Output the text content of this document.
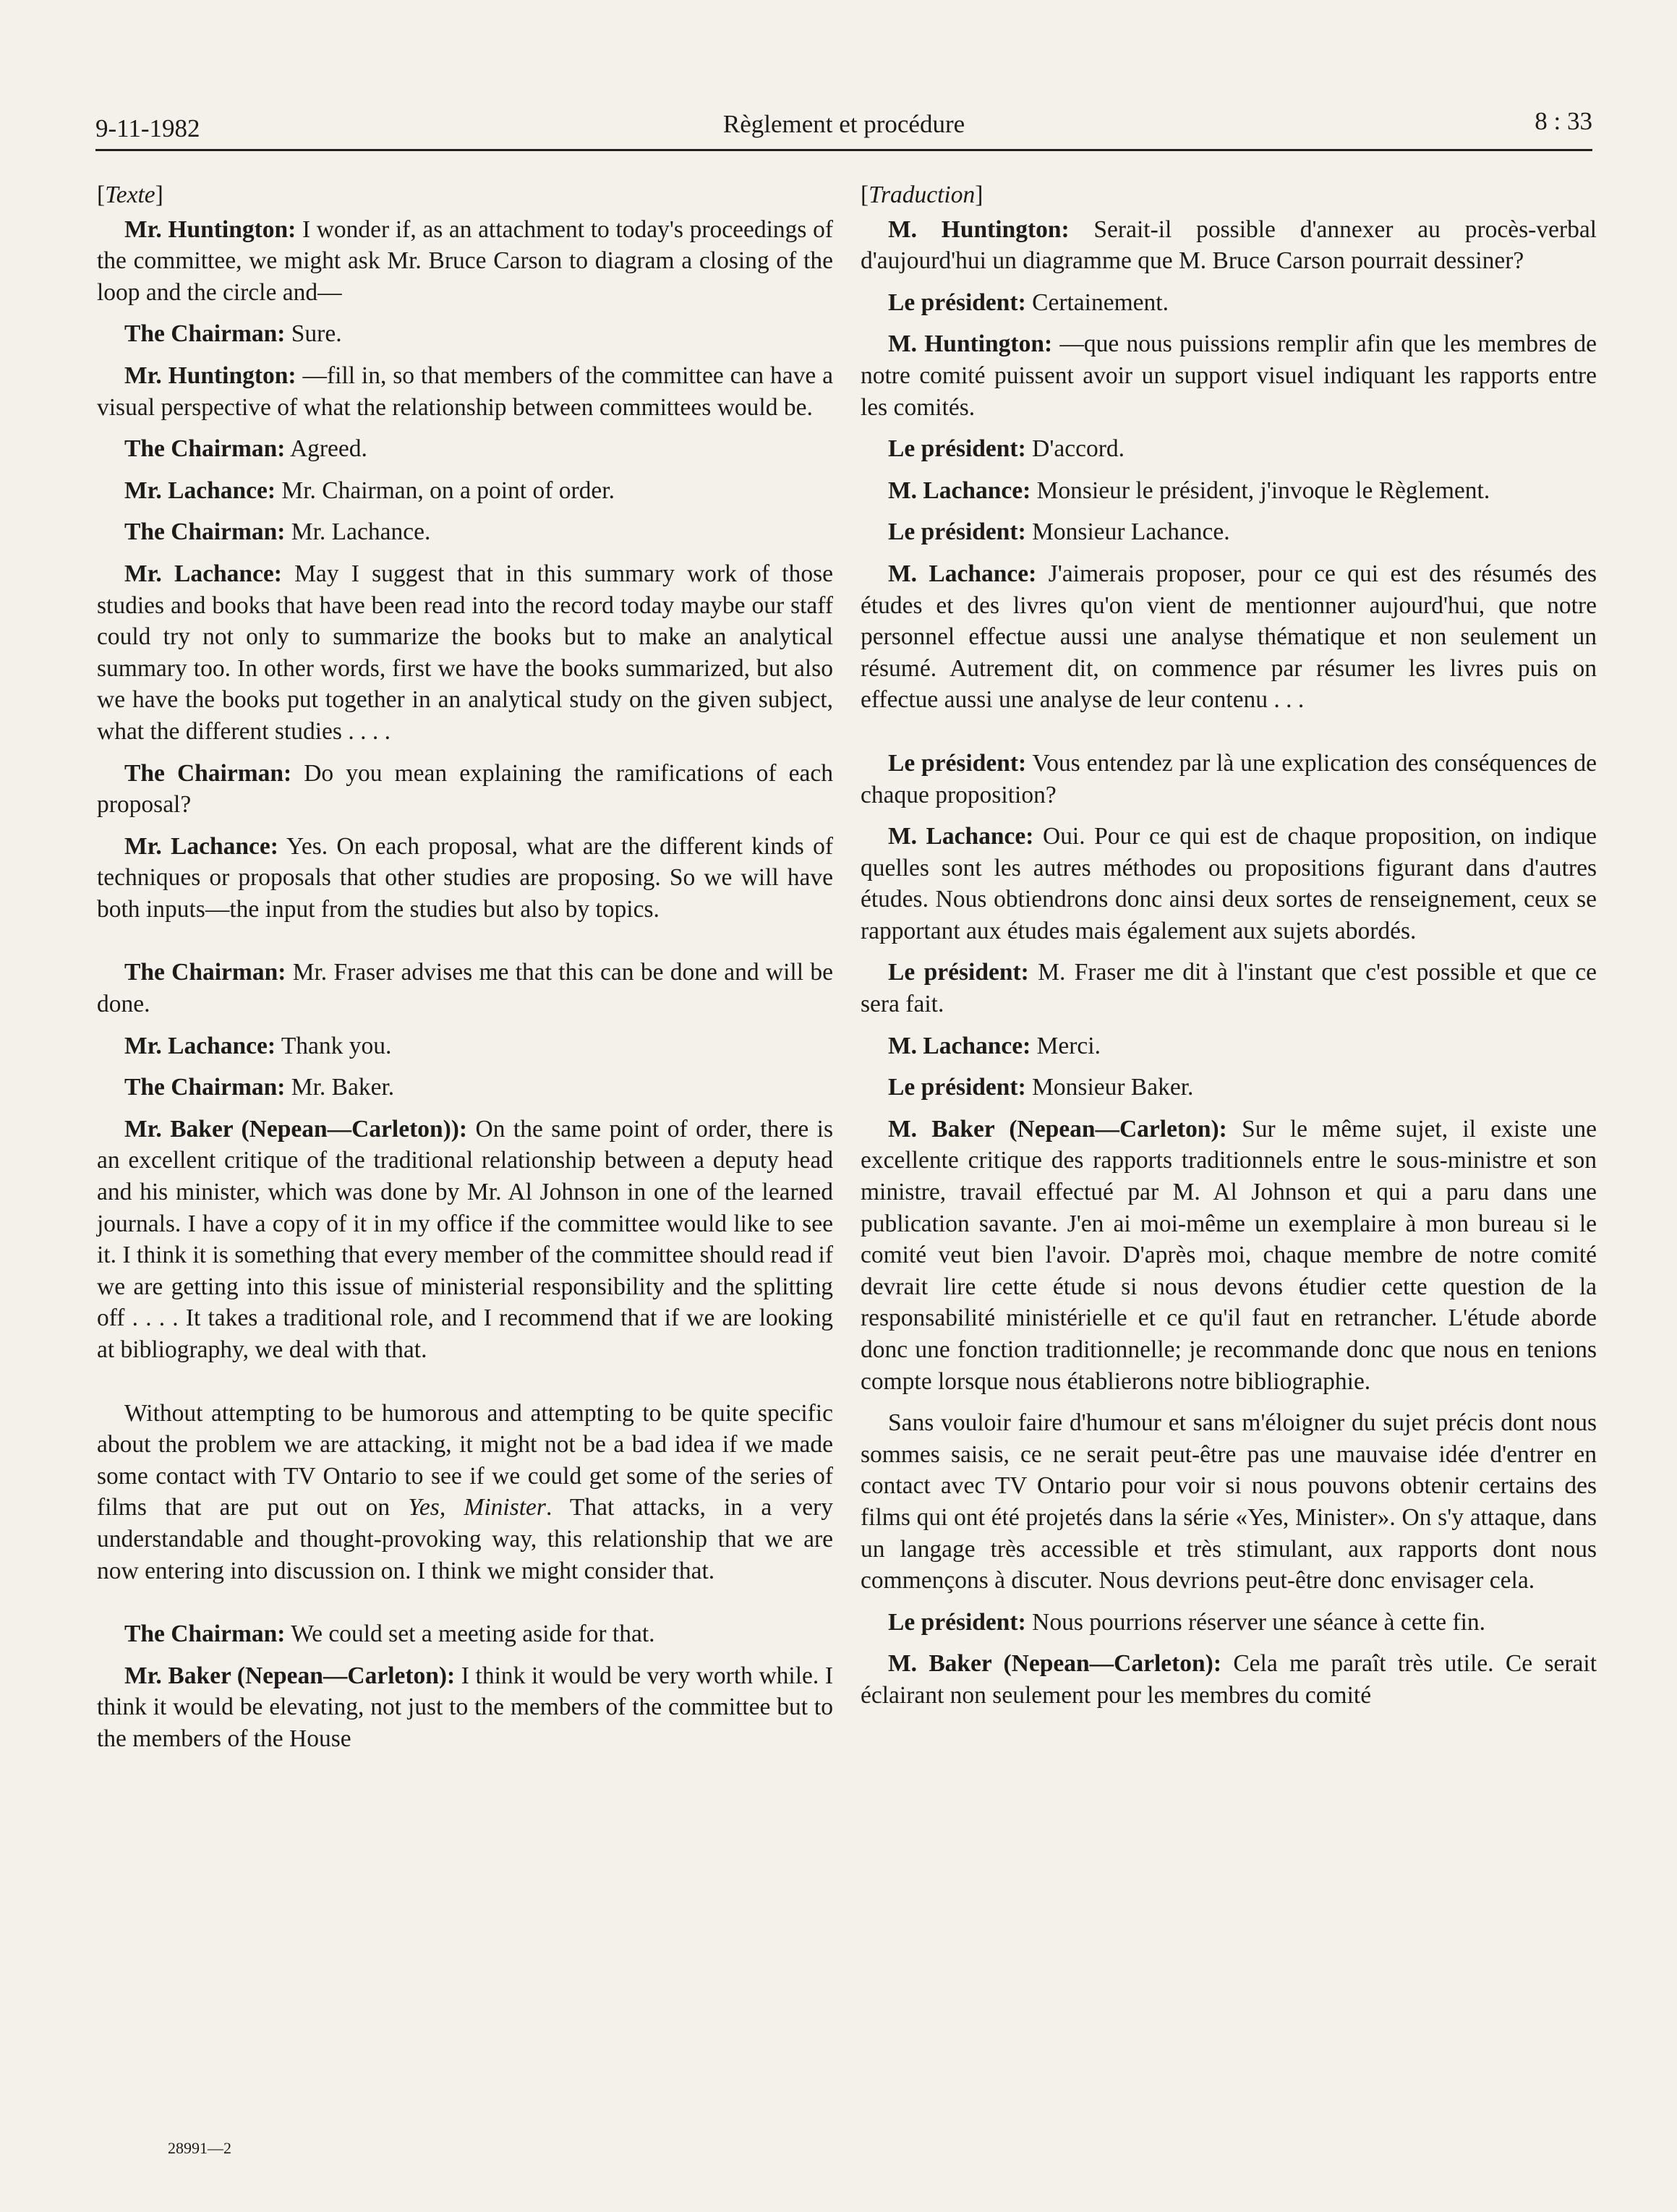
9-11-1982	Règlement et procédure	8 : 33

[Texte]

Mr. Huntington: I wonder if, as an attachment to today's proceedings of the committee, we might ask Mr. Bruce Carson to diagram a closing of the loop and the circle and—

The Chairman: Sure.

Mr. Huntington: —fill in, so that members of the committee can have a visual perspective of what the relationship between committees would be.

The Chairman: Agreed.

Mr. Lachance: Mr. Chairman, on a point of order.

The Chairman: Mr. Lachance.

Mr. Lachance: May I suggest that in this summary work of those studies and books that have been read into the record today maybe our staff could try not only to summarize the books but to make an analytical summary too. In other words, first we have the books summarized, but also we have the books put together in an analytical study on the given subject, what the different studies . . . .

The Chairman: Do you mean explaining the ramifications of each proposal?

Mr. Lachance: Yes. On each proposal, what are the different kinds of techniques or proposals that other studies are proposing. So we will have both inputs—the input from the studies but also by topics.

The Chairman: Mr. Fraser advises me that this can be done and will be done.

Mr. Lachance: Thank you.

The Chairman: Mr. Baker.

Mr. Baker (Nepean—Carleton)): On the same point of order, there is an excellent critique of the traditional relationship between a deputy head and his minister, which was done by Mr. Al Johnson in one of the learned journals. I have a copy of it in my office if the committee would like to see it. I think it is something that every member of the committee should read if we are getting into this issue of ministerial responsibility and the splitting off . . . . It takes a traditional role, and I recommend that if we are looking at bibliography, we deal with that.

Without attempting to be humorous and attempting to be quite specific about the problem we are attacking, it might not be a bad idea if we made some contact with TV Ontario to see if we could get some of the series of films that are put out on Yes, Minister. That attacks, in a very understandable and thought-provoking way, this relationship that we are now entering into discussion on. I think we might consider that.

The Chairman: We could set a meeting aside for that.

Mr. Baker (Nepean—Carleton): I think it would be very worth while. I think it would be elevating, not just to the members of the committee but to the members of the House

[Traduction]

M. Huntington: Serait-il possible d'annexer au procès-verbal d'aujourd'hui un diagramme que M. Bruce Carson pourrait dessiner?

Le président: Certainement.

M. Huntington: —que nous puissions remplir afin que les membres de notre comité puissent avoir un support visuel indiquant les rapports entre les comités.

Le président: D'accord.

M. Lachance: Monsieur le président, j'invoque le Règlement.

Le président: Monsieur Lachance.

M. Lachance: J'aimerais proposer, pour ce qui est des résumés des études et des livres qu'on vient de mentionner aujourd'hui, que notre personnel effectue aussi une analyse thématique et non seulement un résumé. Autrement dit, on commence par résumer les livres puis on effectue aussi une analyse de leur contenu . . .

Le président: Vous entendez par là une explication des conséquences de chaque proposition?

M. Lachance: Oui. Pour ce qui est de chaque proposition, on indique quelles sont les autres méthodes ou propositions figurant dans d'autres études. Nous obtiendrons donc ainsi deux sortes de renseignement, ceux se rapportant aux études mais également aux sujets abordés.

Le président: M. Fraser me dit à l'instant que c'est possible et que ce sera fait.

M. Lachance: Merci.

Le président: Monsieur Baker.

M. Baker (Nepean—Carleton): Sur le même sujet, il existe une excellente critique des rapports traditionnels entre le sous-ministre et son ministre, travail effectué par M. Al Johnson et qui a paru dans une publication savante. J'en ai moi-même un exemplaire à mon bureau si le comité veut bien l'avoir. D'après moi, chaque membre de notre comité devrait lire cette étude si nous devons étudier cette question de la responsabilité ministérielle et ce qu'il faut en retrancher. L'étude aborde donc une fonction traditionnelle; je recommande donc que nous en tenions compte lorsque nous établierons notre bibliographie.

Sans vouloir faire d'humour et sans m'éloigner du sujet précis dont nous sommes saisis, ce ne serait peut-être pas une mauvaise idée d'entrer en contact avec TV Ontario pour voir si nous pouvons obtenir certains des films qui ont été projetés dans la série «Yes, Minister». On s'y attaque, dans un langage très accessible et très stimulant, aux rapports dont nous commençons à discuter. Nous devrions peut-être donc envisager cela.

Le président: Nous pourrions réserver une séance à cette fin.

M. Baker (Nepean—Carleton): Cela me paraît très utile. Ce serait éclairant non seulement pour les membres du comité

28991—2
